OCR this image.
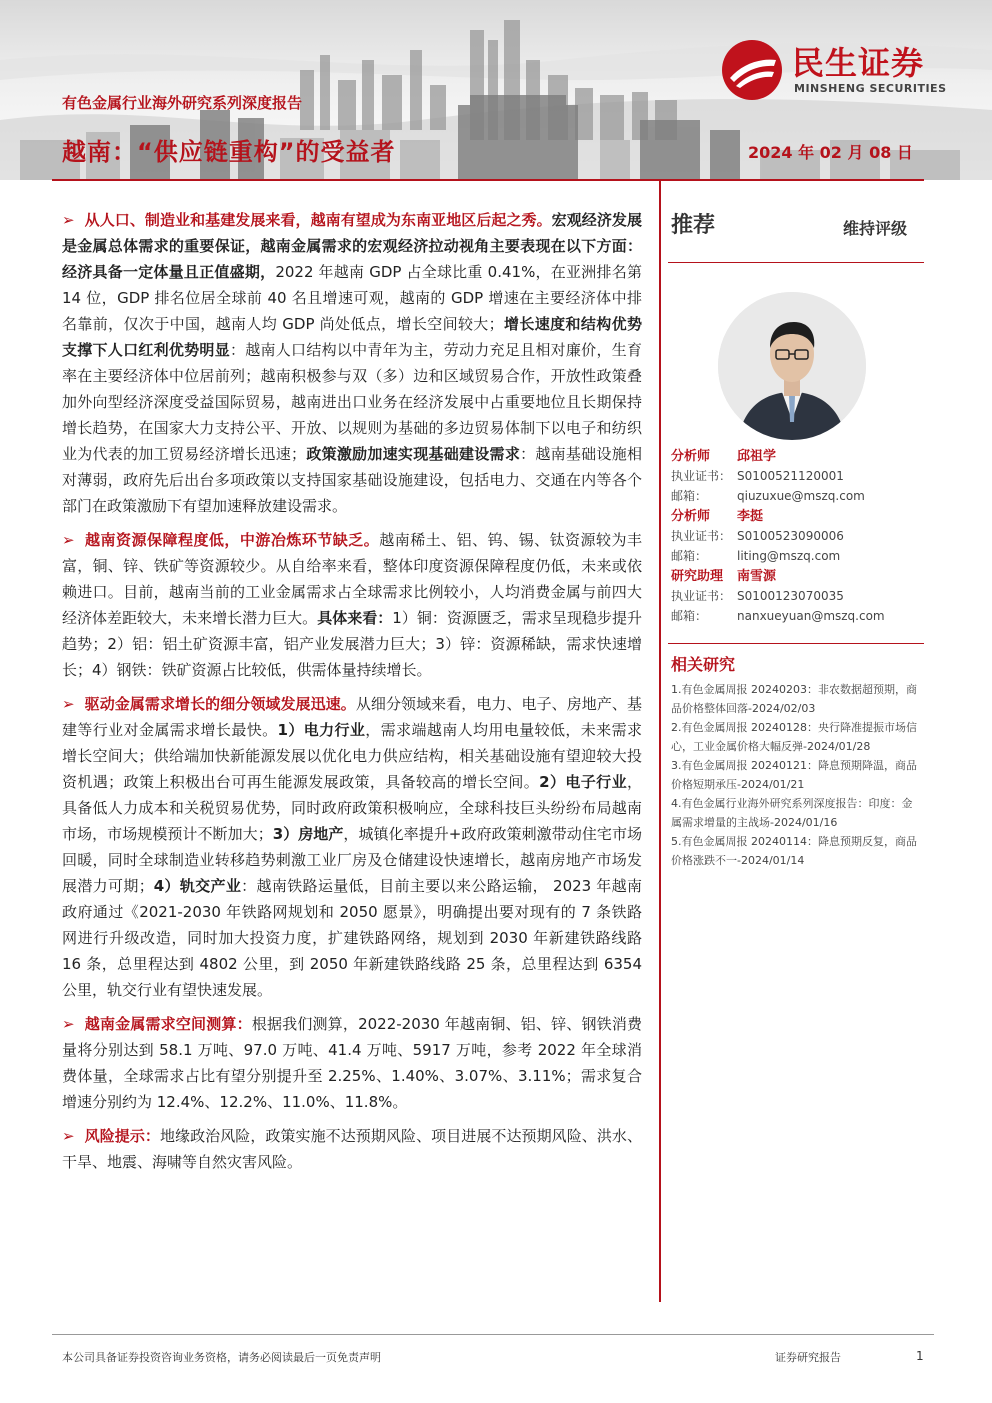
民生证券
MINSHENG SECURITIES
有色金属行业海外研究系列深度报告
越南：“供应链重构”的受益者	2024 年 02 月 08 日

➢ 从人口、制造业和基建发展来看，越南有望成为东南亚地区后起之秀。宏观经济发展是金属总体需求的重要保证，越南金属需求的宏观经济拉动视角主要表现在以下方面：经济具备一定体量且正值盛期，2022 年越南 GDP 占全球比重 0.41%，在亚洲排名第 14 位，GDP 排名位居全球前 40 名且增速可观，越南的 GDP 增速在主要经济体中排名靠前，仅次于中国，越南人均 GDP 尚处低点，增长空间较大；增长速度和结构优势支撑下人口红利优势明显：越南人口结构以中青年为主，劳动力充足且相对廉价，生育率在主要经济体中位居前列；越南积极参与双（多）边和区域贸易合作，开放性政策叠加外向型经济深度受益国际贸易，越南进出口业务在经济发展中占重要地位且长期保持增长趋势，在国家大力支持公平、开放、以规则为基础的多边贸易体制下以电子和纺织业为代表的加工贸易经济增长迅速；政策激励加速实现基础建设需求：越南基础设施相对薄弱，政府先后出台多项政策以支持国家基础设施建设，包括电力、交通在内等各个部门在政策激励下有望加速释放建设需求。

➢ 越南资源保障程度低，中游冶炼环节缺乏。越南稀土、铝、钨、锡、钛资源较为丰富，铜、锌、铁矿等资源较少。从自给率来看，整体印度资源保障程度仍低，未来或依赖进口。目前，越南当前的工业金属需求占全球需求比例较小，人均消费金属与前四大经济体差距较大，未来增长潜力巨大。具体来看：1）铜：资源匮乏，需求呈现稳步提升趋势；2）铝：铝土矿资源丰富，铝产业发展潜力巨大；3）锌：资源稀缺，需求快速增长；4）钢铁：铁矿资源占比较低，供需体量持续增长。

➢ 驱动金属需求增长的细分领域发展迅速。从细分领域来看，电力、电子、房地产、基建等行业对金属需求增长最快。1）电力行业，需求端越南人均用电量较低，未来需求增长空间大；供给端加快新能源发展以优化电力供应结构，相关基础设施有望迎较大投资机遇；政策上积极出台可再生能源发展政策，具备较高的增长空间。2）电子行业，具备低人力成本和关税贸易优势，同时政府政策积极响应，全球科技巨头纷纷布局越南市场，市场规模预计不断加大；3）房地产，城镇化率提升+政府政策刺激带动住宅市场回暖，同时全球制造业转移趋势刺激工业厂房及仓储建设快速增长，越南房地产市场发展潜力可期；4）轨交产业：越南铁路运量低，目前主要以来公路运输， 2023 年越南政府通过《2021-2030 年铁路网规划和 2050 愿景》，明确提出要对现有的 7 条铁路网进行升级改造，同时加大投资力度，扩建铁路网络，规划到 2030 年新建铁路线路 16 条，总里程达到 4802 公里，到 2050 年新建铁路线路 25 条，总里程达到 6354 公里，轨交行业有望快速发展。

➢ 越南金属需求空间测算：根据我们测算，2022-2030 年越南铜、铝、锌、钢铁消费量将分别达到 58.1 万吨、97.0 万吨、41.4 万吨、5917 万吨，参考 2022 年全球消费体量，全球需求占比有望分别提升至 2.25%、1.40%、3.07%、3.11%；需求复合增速分别约为 12.4%、12.2%、11.0%、11.8%。

➢ 风险提示：地缘政治风险，政策实施不达预期风险、项目进展不达预期风险、洪水、干旱、地震、海啸等自然灾害风险。

推荐	维持评级
分析师 邱祖学
执业证书： S0100521120001
邮箱： qiuzuxue@mszq.com
分析师 李挺
执业证书： S0100523090006
邮箱： liting@mszq.com
研究助理 南雪源
执业证书： S0100123070035
邮箱： nanxueyuan@mszq.com
相关研究
1.有色金属周报 20240203：非农数据超预期，商品价格整体回落-2024/02/03
2.有色金属周报 20240128：央行降准提振市场信心，工业金属价格大幅反弹-2024/01/28
3.有色金属周报 20240121：降息预期降温，商品价格短期承压-2024/01/21
4.有色金属行业海外研究系列深度报告：印度：金属需求增量的主战场-2024/01/16
5.有色金属周报 20240114：降息预期反复，商品价格涨跌不一-2024/01/14
本公司具备证券投资咨询业务资格，请务必阅读最后一页免责声明	证券研究报告	1
